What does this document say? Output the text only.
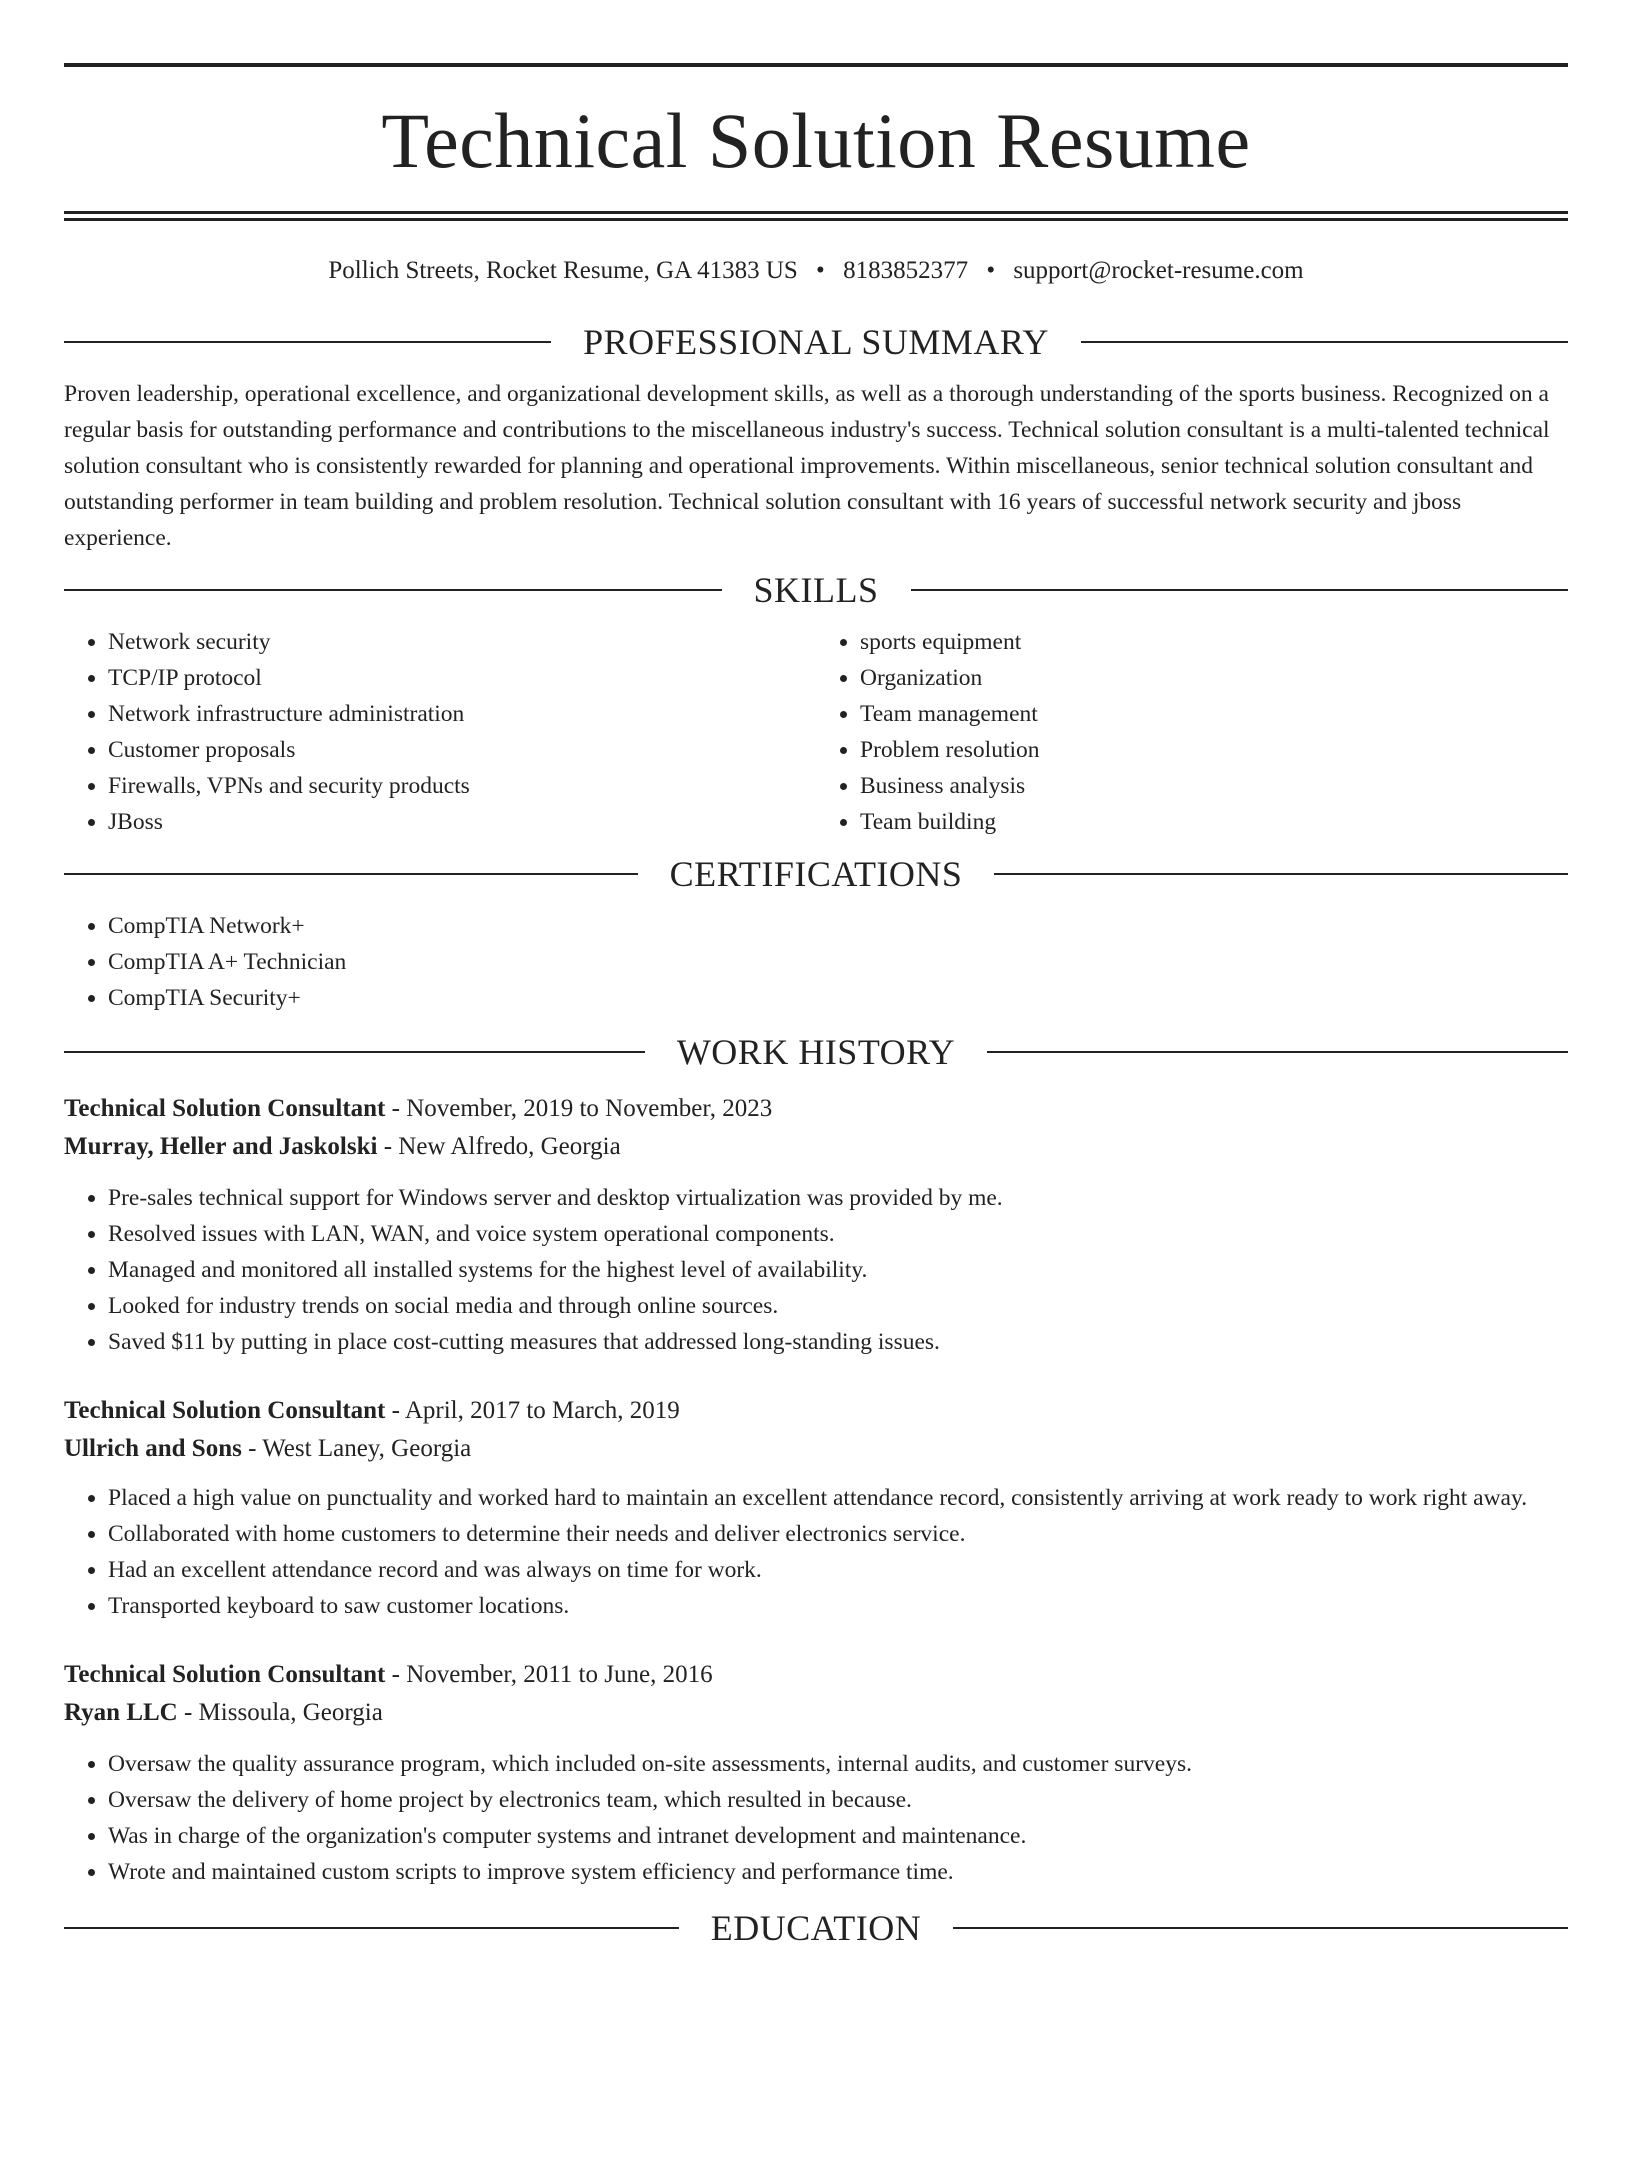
Technical Solution Resume
Pollich Streets, Rocket Resume, GA 41383 US • 8183852377 • support@rocket-resume.com
PROFESSIONAL SUMMARY

Proven leadership, operational excellence, and organizational development skills, as well as a thorough understanding of the sports business. Recognized on a regular basis for outstanding performance and contributions to the miscellaneous industry's success. Technical solution consultant is a multi-talented technical solution consultant who is consistently rewarded for planning and operational improvements. Within miscellaneous, senior technical solution consultant and outstanding performer in team building and problem resolution. Technical solution consultant with 16 years of successful network security and jboss experience.

SKILLS
• Network security
• TCP/IP protocol
• Network infrastructure administration
• Customer proposals
• Firewalls, VPNs and security products
• JBoss
• sports equipment
• Organization
• Team management
• Problem resolution
• Business analysis
• Team building
CERTIFICATIONS
• CompTIA Network+
• CompTIA A+ Technician
• CompTIA Security+
WORK HISTORY
Technical Solution Consultant - November, 2019 to November, 2023
Murray, Heller and Jaskolski - New Alfredo, Georgia
• Pre-sales technical support for Windows server and desktop virtualization was provided by me.
• Resolved issues with LAN, WAN, and voice system operational components.
• Managed and monitored all installed systems for the highest level of availability.
• Looked for industry trends on social media and through online sources.
• Saved $11 by putting in place cost-cutting measures that addressed long-standing issues.
Technical Solution Consultant - April, 2017 to March, 2019
Ullrich and Sons - West Laney, Georgia
• Placed a high value on punctuality and worked hard to maintain an excellent attendance record, consistently arriving at work ready to work right away.
• Collaborated with home customers to determine their needs and deliver electronics service.
• Had an excellent attendance record and was always on time for work.
• Transported keyboard to saw customer locations.
Technical Solution Consultant - November, 2011 to June, 2016
Ryan LLC - Missoula, Georgia
• Oversaw the quality assurance program, which included on-site assessments, internal audits, and customer surveys.
• Oversaw the delivery of home project by electronics team, which resulted in because.
• Was in charge of the organization's computer systems and intranet development and maintenance.
• Wrote and maintained custom scripts to improve system efficiency and performance time.
EDUCATION
